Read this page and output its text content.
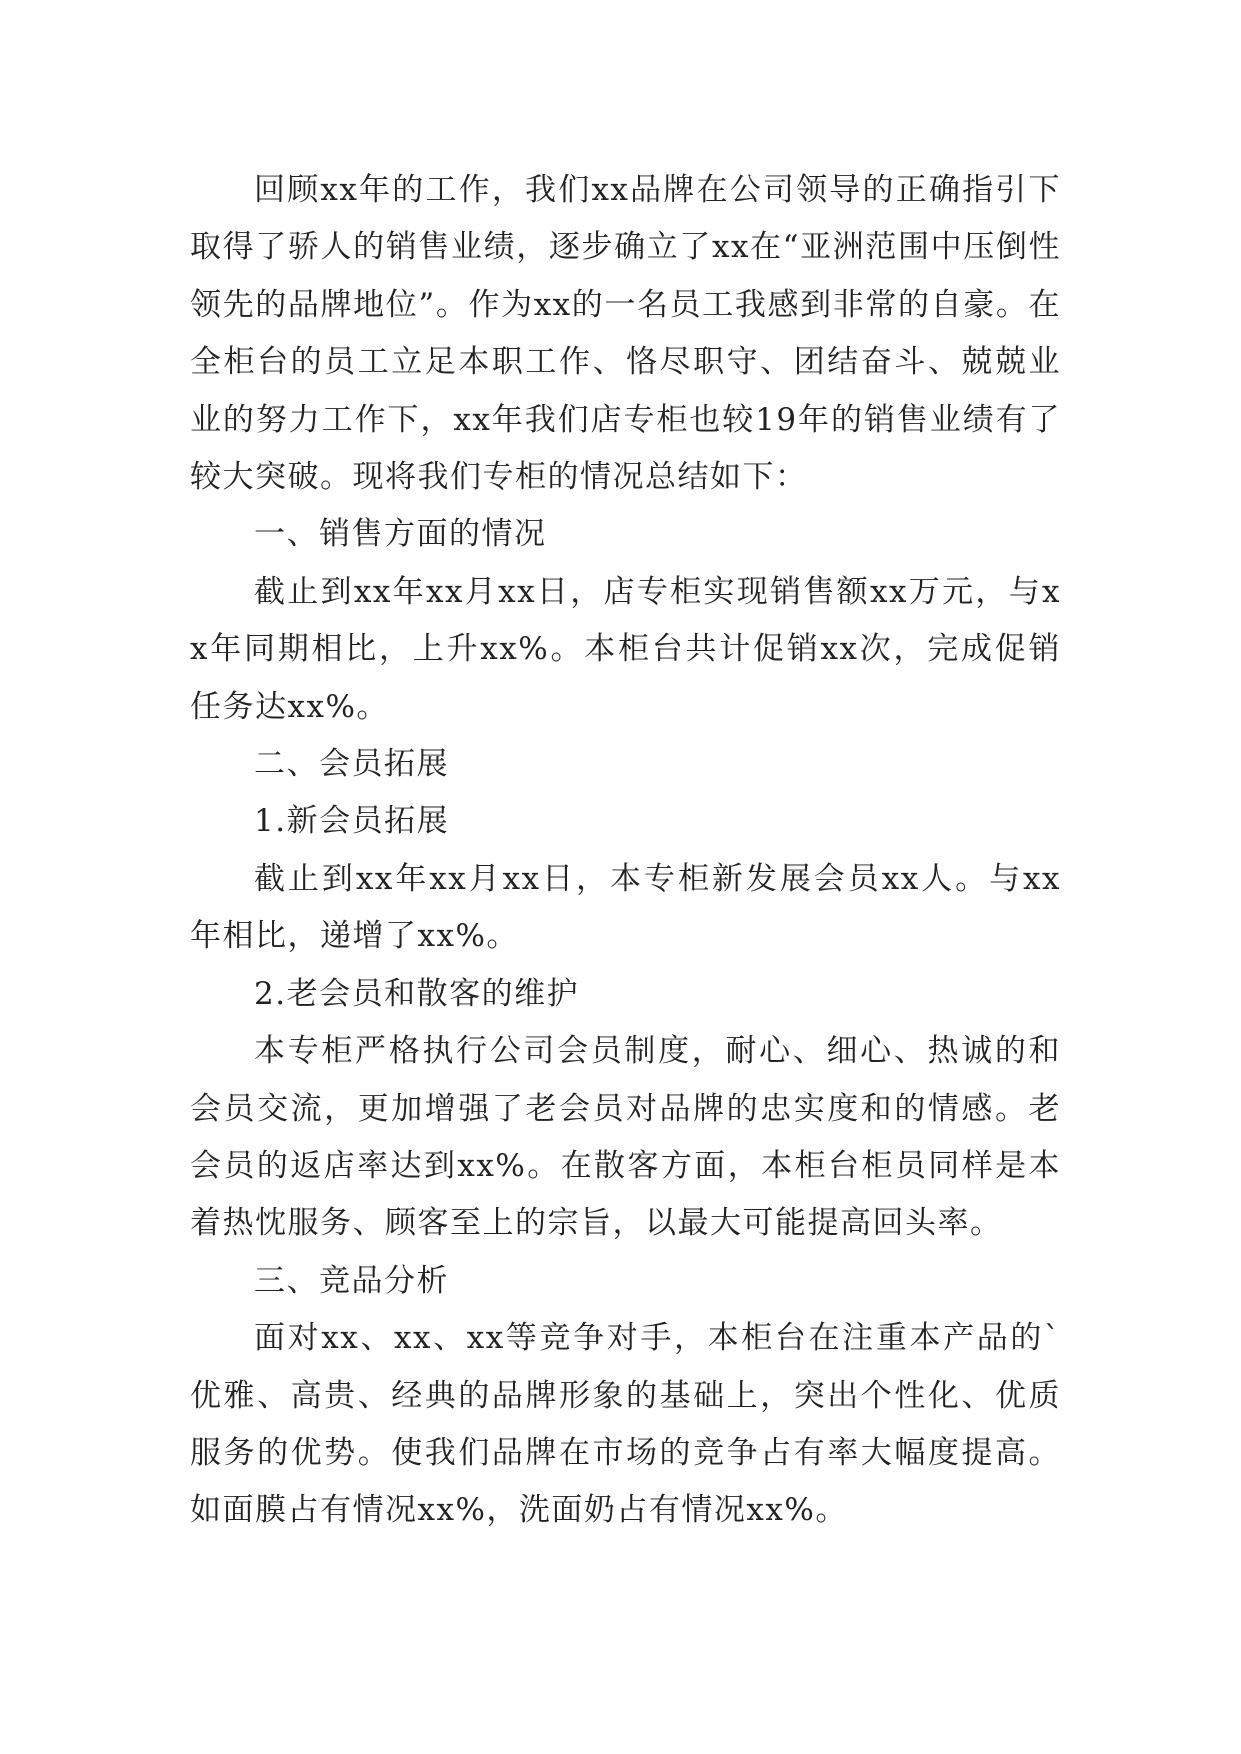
回顾xx年的工作，我们xx品牌在公司领导的正确指引下取得了骄人的销售业绩，逐步确立了xx在“亚洲范围中压倒性领先的品牌地位”。作为xx的一名员工我感到非常的自豪。在全柜台的员工立足本职工作、恪尽职守、团结奋斗、兢兢业业的努力工作下，xx年我们店专柜也较19年的销售业绩有了较大突破。现将我们专柜的情况总结如下：

一、销售方面的情况

截止到xx年xx月xx日，店专柜实现销售额xx万元，与xx年同期相比，上升xx%。本柜台共计促销xx次，完成促销任务达xx%。

二、会员拓展

1.新会员拓展

截止到xx年xx月xx日，本专柜新发展会员xx人。与xx年相比，递增了xx%。

2.老会员和散客的维护

本专柜严格执行公司会员制度，耐心、细心、热诚的和会员交流，更加增强了老会员对品牌的忠实度和的情感。老会员的返店率达到xx%。在散客方面，本柜台柜员同样是本着热忱服务、顾客至上的宗旨，以最大可能提高回头率。

三、竞品分析

面对xx、xx、xx等竞争对手，本柜台在注重本产品的`优雅、高贵、经典的品牌形象的基础上，突出个性化、优质服务的优势。使我们品牌在市场的竞争占有率大幅度提高。如面膜占有情况xx%，洗面奶占有情况xx%。
